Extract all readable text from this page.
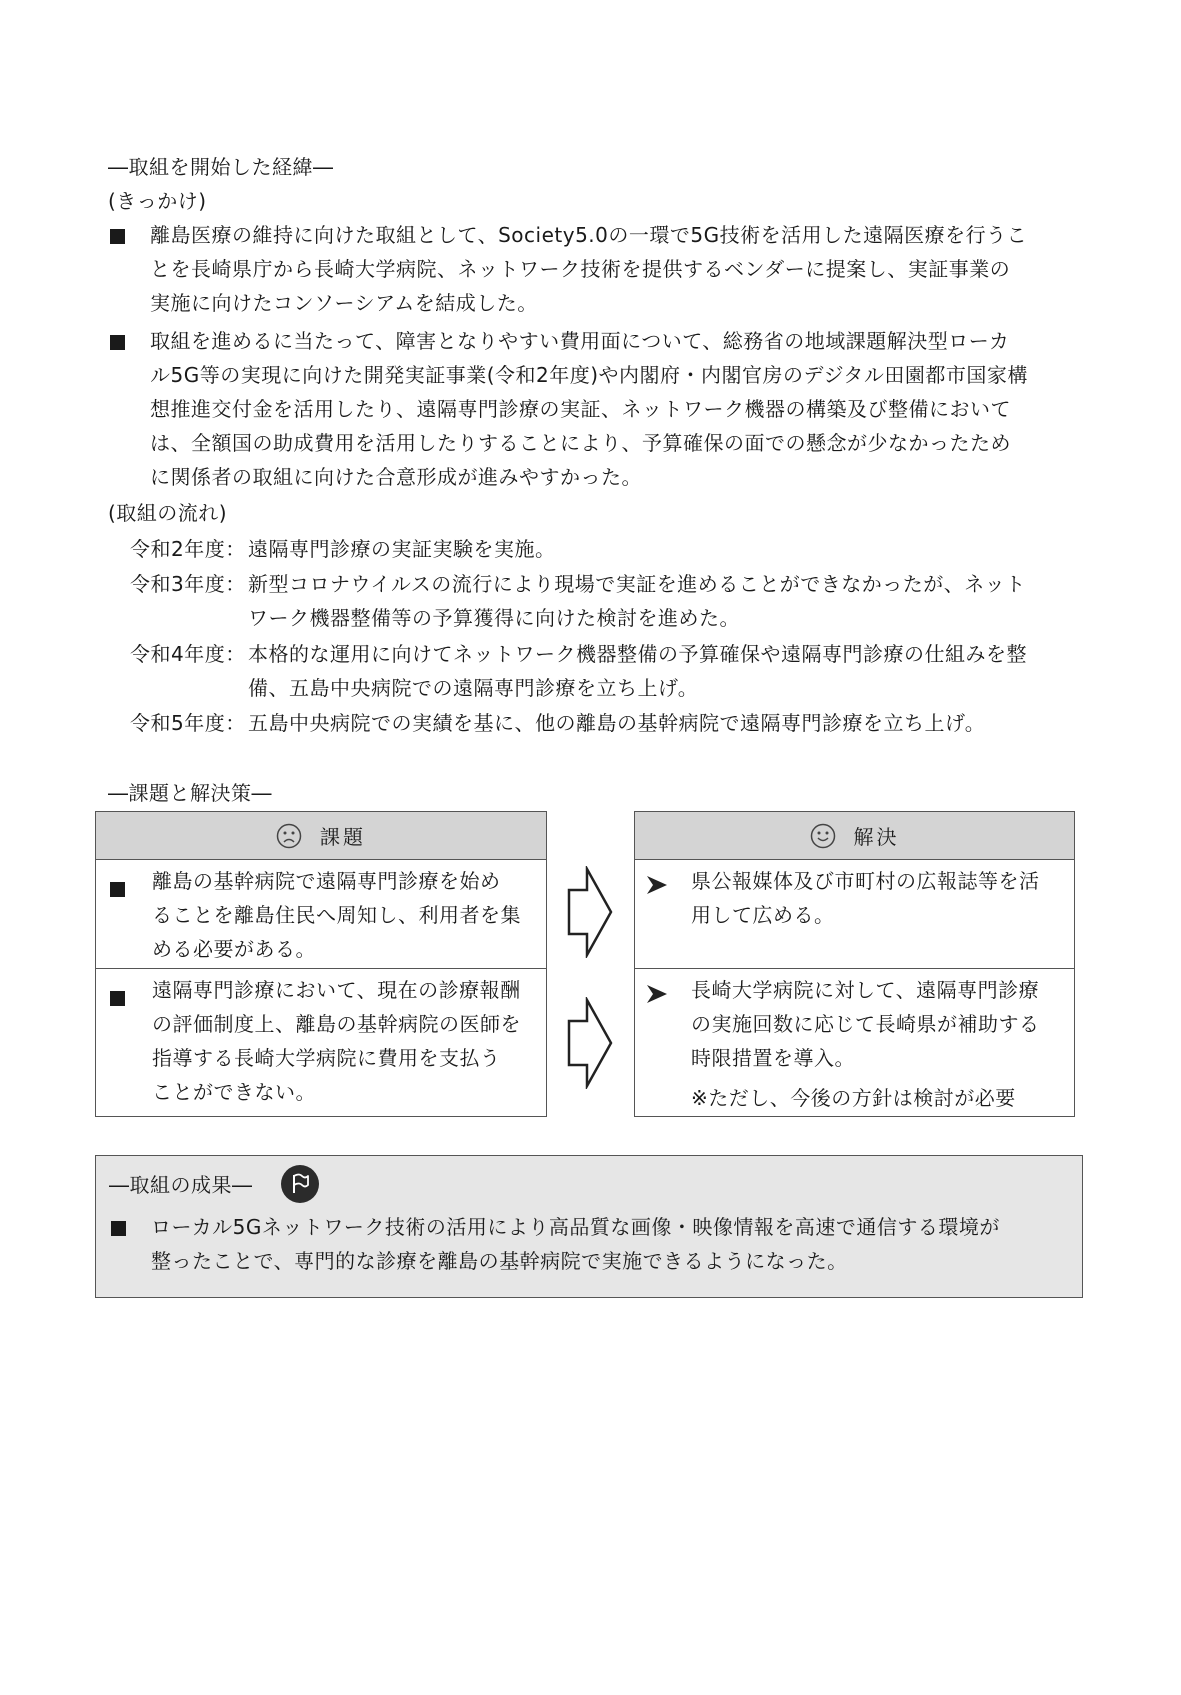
―取組を開始した経緯―
(きっかけ)
離島医療の維持に向けた取組として、Society5.0の一環で5G技術を活用した遠隔医療を行うこ
とを長崎県庁から長崎大学病院、ネットワーク技術を提供するベンダーに提案し、実証事業の
実施に向けたコンソーシアムを結成した。
取組を進めるに当たって、障害となりやすい費用面について、総務省の地域課題解決型ローカ
ル5G等の実現に向けた開発実証事業(令和2年度)や内閣府・内閣官房のデジタル田園都市国家構
想推進交付金を活用したり、遠隔専門診療の実証、ネットワーク機器の構築及び整備において
は、全額国の助成費用を活用したりすることにより、予算確保の面での懸念が少なかったため
に関係者の取組に向けた合意形成が進みやすかった。
(取組の流れ)
令和2年度： 遠隔専門診療の実証実験を実施。
令和3年度： 新型コロナウイルスの流行により現場で実証を進めることができなかったが、ネット
ワーク機器整備等の予算獲得に向けた検討を進めた。
令和4年度： 本格的な運用に向けてネットワーク機器整備の予算確保や遠隔専門診療の仕組みを整
備、五島中央病院での遠隔専門診療を立ち上げ。
令和5年度： 五島中央病院での実績を基に、他の離島の基幹病院で遠隔専門診療を立ち上げ。
―課題と解決策―
課題	解決
離島の基幹病院で遠隔専門診療を始め
ることを離島住民へ周知し、利用者を集
める必要がある。
県公報媒体及び市町村の広報誌等を活
用して広める。
遠隔専門診療において、現在の診療報酬
の評価制度上、離島の基幹病院の医師を
指導する長崎大学病院に費用を支払う
ことができない。
長崎大学病院に対して、遠隔専門診療
の実施回数に応じて長崎県が補助する
時限措置を導入。
※ただし、今後の方針は検討が必要
―取組の成果―
ローカル5Gネットワーク技術の活用により高品質な画像・映像情報を高速で通信する環境が
整ったことで、専門的な診療を離島の基幹病院で実施できるようになった。
